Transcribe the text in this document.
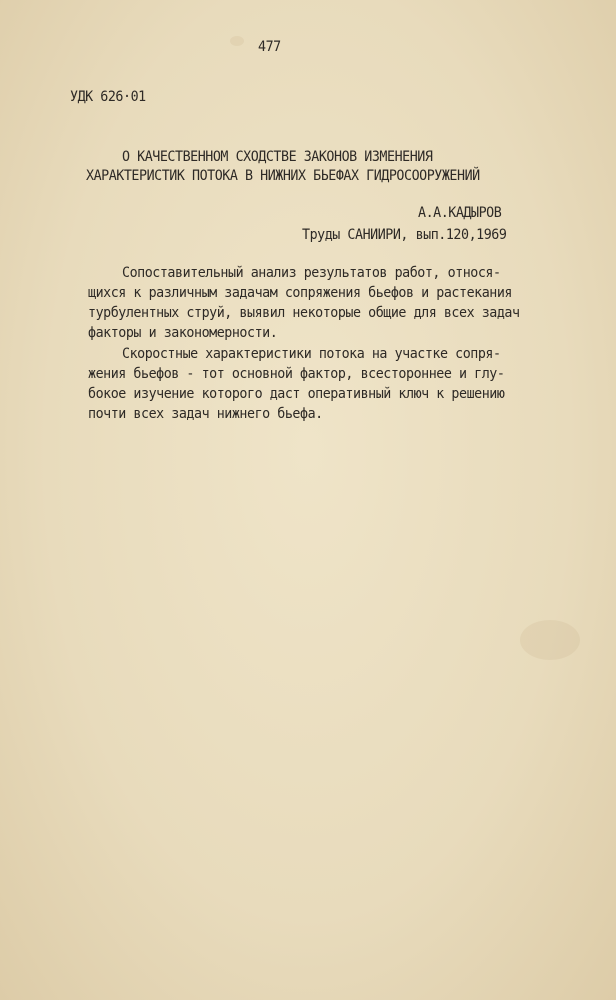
477
УДК 626·01
О КАЧЕСТВЕННОМ СХОДСТВЕ ЗАКОНОВ ИЗМЕНЕНИЯ
ХАРАКТЕРИСТИК ПОТОКА В НИЖНИХ БЬЕФАХ ГИДРОСООРУЖЕНИЙ
А.А.КАДЫРОВ
Труды САНИИРИ, вып.120,1969
Сопоставительный анализ результатов работ, относя-
щихся к различным задачам сопряжения бьефов и растекания
турбулентных струй, выявил некоторые общие для всех задач
факторы и закономерности.
Скоростные характеристики потока на участке сопря-
жения бьефов - тот основной фактор, всестороннее и глу-
бокое изучение которого даст оперативный ключ к решению
почти всех задач нижнего бьефа.
